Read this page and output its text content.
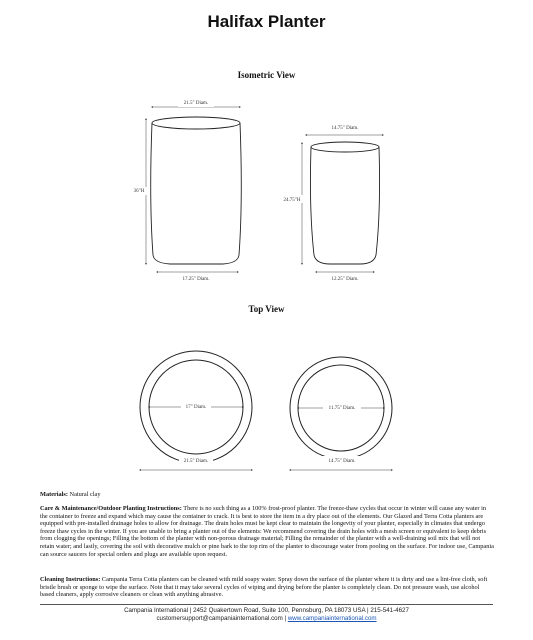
Halifax Planter
Isometric View
21.5" Diam.
36"H
17.25" Diam.
14.75" Diam.
24.75"H
12.25" Diam.
17" Diam.
21.5" Diam.
11.75" Diam.
14.75" Diam.
Top View
Materials: Natural clay
Care & Maintenance/Outdoor Planting Instructions: There is no such thing as a 100% frost-proof planter. The freeze-thaw cycles that occur in winter will cause any water in the container to freeze and expand which may cause the container to crack. It is best to store the item in a dry place out of the elements. Our Glazed and Terra Cotta planters are equipped with pre-installed drainage holes to allow for drainage. The drain holes must be kept clear to maintain the longevity of your planter, especially in climates that undergo freeze thaw cycles in the winter. If you are unable to bring a planter out of the elements: We recommend covering the drain holes with a mesh screen or equivalent to keep debris from clogging the openings; Filling the bottom of the planter with non-porous drainage material; Filling the remainder of the planter with a well-draining soil mix that will not retain water; and lastly, covering the soil with decorative mulch or pine bark to the top rim of the planter to discourage water from pooling on the surface. For indoor use, Campania can source saucers for special orders and plugs are available upon request.
Cleaning Instructions: Campania Terra Cotta planters can be cleaned with mild soapy water. Spray down the surface of the planter where it is dirty and use a lint-free cloth, soft bristle brush or sponge to wipe the surface. Note that it may take several cycles of wiping and drying before the planter is completely clean. Do not pressure wash, use alcohol based cleaners, apply corrosive cleaners or clean with anything abrasive.
Campania International | 2452 Quakertown Road, Suite 100, Pennsburg, PA 18073 USA | 215-541-4627
customersupport@campaniainternational.com | www.campaniainternational.com
